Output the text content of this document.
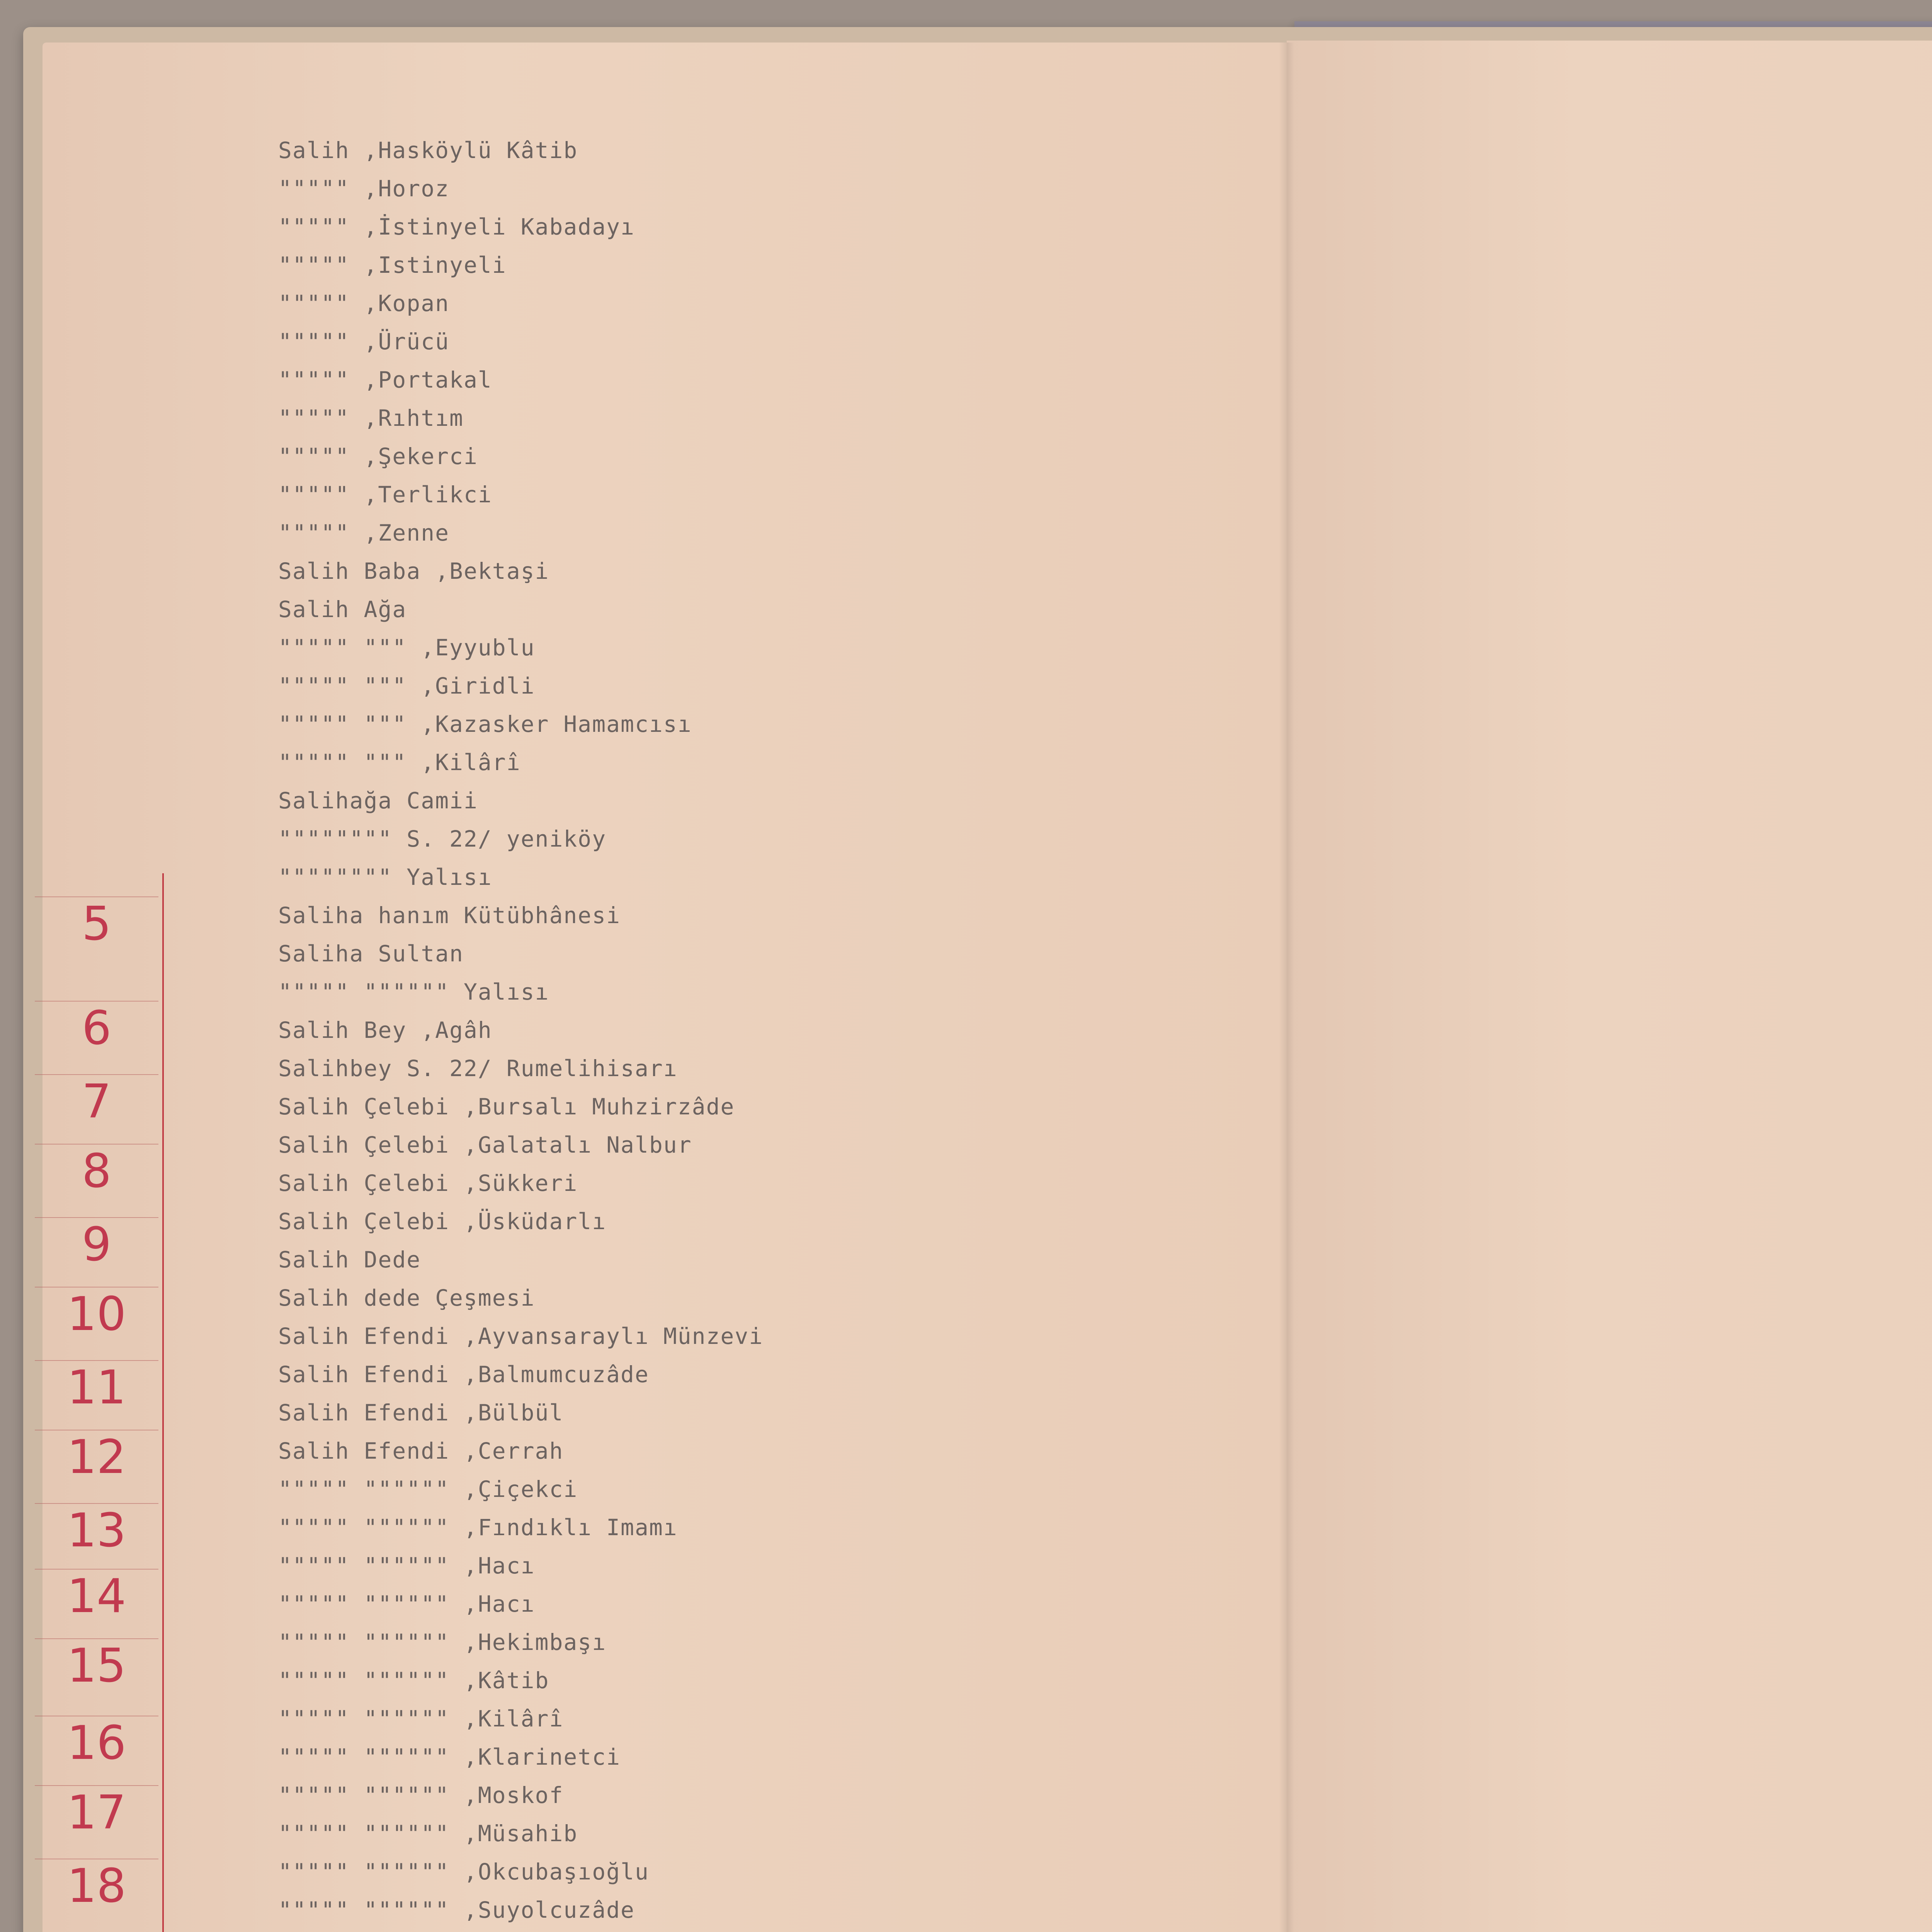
Salih ,Hasköylü Kâtib
""""" ,Horoz
""""" ,İstinyeli Kabadayı
""""" ,Istinyeli
""""" ,Kopan
""""" ,Ürücü
""""" ,Portakal
""""" ,Rıhtım
""""" ,Şekerci
""""" ,Terlikci
""""" ,Zenne
Salih Baba ,Bektaşi
Salih Ağa
""""" """ ,Eyyublu
""""" """ ,Giridli
""""" """ ,Kazasker Hamamcısı
""""" """ ,Kilârî
Salihağa Camii
"""""""" S. 22/ yeniköy
"""""""" Yalısı
Saliha hanım Kütübhânesi
Saliha Sultan
""""" """""" Yalısı
Salih Bey ,Agâh
Salihbey S. 22/ Rumelihisarı
Salih Çelebi ,Bursalı Muhzirzâde
Salih Çelebi ,Galatalı Nalbur
Salih Çelebi ,Sükkeri
Salih Çelebi ,Üsküdarlı
Salih Dede
Salih dede Çeşmesi
Salih Efendi ,Ayvansaraylı Münzevi
Salih Efendi ,Balmumcuzâde
Salih Efendi ,Bülbül
Salih Efendi ,Cerrah
""""" """""" ,Çiçekci
""""" """""" ,Fındıklı Imamı
""""" """""" ,Hacı
""""" """""" ,Hacı
""""" """""" ,Hekimbaşı
""""" """""" ,Kâtib
""""" """""" ,Kilârî
""""" """""" ,Klarinetci
""""" """""" ,Moskof
""""" """""" ,Müsahib
""""" """""" ,Okcubaşıoğlu
""""" """""" ,Suyolcuzâde
5
6
7
8
9
10
11
12
13
14
15
16
17
18
